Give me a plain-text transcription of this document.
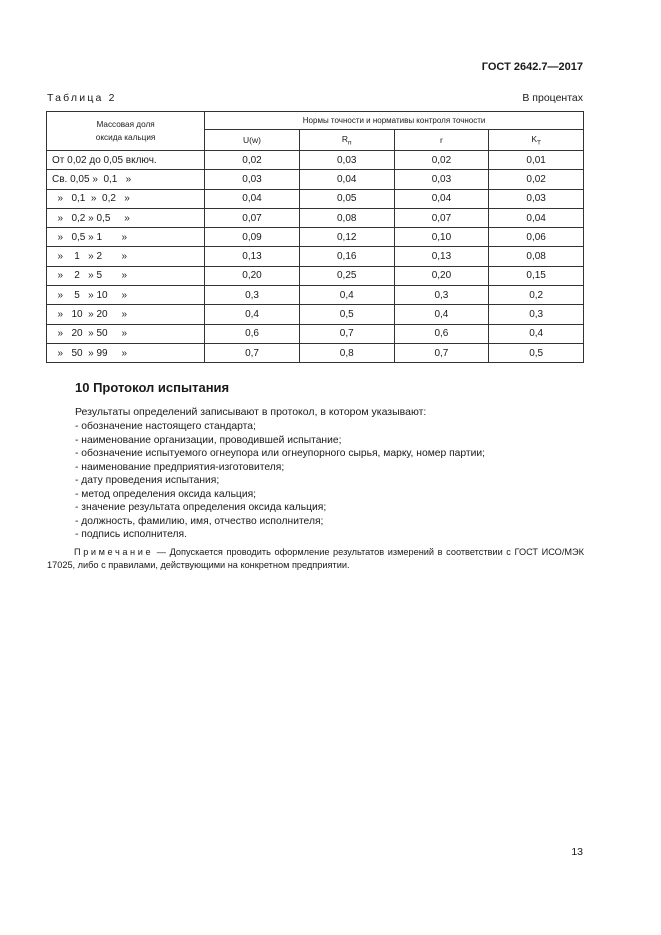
ГОСТ 2642.7—2017
Таблица 2	В процентах
Массовая доля
оксида кальция	Нормы точности и нормативы контроля точности			
	U(w)	$R_п$	r	$K_T$
От 0,02 до 0,05 включ.	0,02	0,03	0,02	0,01
Св. 0,05 »  0,1   »	0,03	0,04	0,03	0,02
»   0,1  »  0,2   »	0,04	0,05	0,04	0,03
»   0,2 » 0,5     »	0,07	0,08	0,07	0,04
»   0,5 » 1       »	0,09	0,12	0,10	0,06
»    1   » 2       »	0,13	0,16	0,13	0,08
»    2   » 5       »	0,20	0,25	0,20	0,15
»    5   » 10     »	0,3	0,4	0,3	0,2
»   10  » 20     »	0,4	0,5	0,4	0,3
»   20  » 50     »	0,6	0,7	0,6	0,4
»   50  » 99     »	0,7	0,8	0,7	0,5
10 Протокол испытания
Результаты определений записывают в протокол, в котором указывают:
- обозначение настоящего стандарта;
- наименование организации, проводившей испытание;
- обозначение испытуемого огнеупора или огнеупорного сырья, марку, номер партии;
- наименование предприятия-изготовителя;
- дату проведения испытания;
- метод определения оксида кальция;
- значение результата определения оксида кальция;
- должность, фамилию, имя, отчество исполнителя;
- подпись исполнителя.
Примечание — Допускается проводить оформление результатов измерений в соответствии с ГОСТ ИСО/МЭК 17025, либо с правилами, действующими на конкретном предприятии.
13
